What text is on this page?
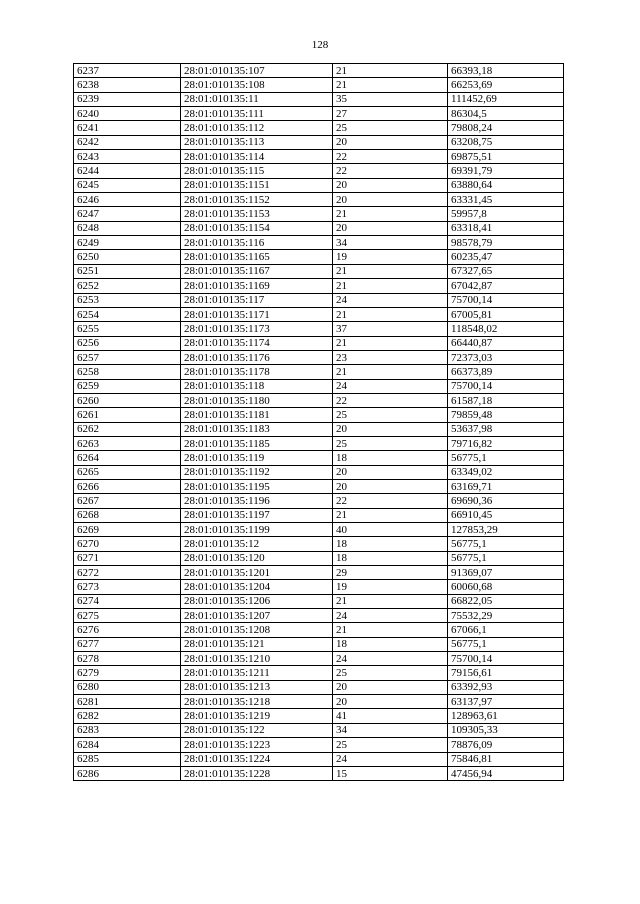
128
6237	28:01:010135:107	21	66393,18
6238	28:01:010135:108	21	66253,69
6239	28:01:010135:11	35	111452,69
6240	28:01:010135:111	27	86304,5
6241	28:01:010135:112	25	79808,24
6242	28:01:010135:113	20	63208,75
6243	28:01:010135:114	22	69875,51
6244	28:01:010135:115	22	69391,79
6245	28:01:010135:1151	20	63880,64
6246	28:01:010135:1152	20	63331,45
6247	28:01:010135:1153	21	59957,8
6248	28:01:010135:1154	20	63318,41
6249	28:01:010135:116	34	98578,79
6250	28:01:010135:1165	19	60235,47
6251	28:01:010135:1167	21	67327,65
6252	28:01:010135:1169	21	67042,87
6253	28:01:010135:117	24	75700,14
6254	28:01:010135:1171	21	67005,81
6255	28:01:010135:1173	37	118548,02
6256	28:01:010135:1174	21	66440,87
6257	28:01:010135:1176	23	72373,03
6258	28:01:010135:1178	21	66373,89
6259	28:01:010135:118	24	75700,14
6260	28:01:010135:1180	22	61587,18
6261	28:01:010135:1181	25	79859,48
6262	28:01:010135:1183	20	53637,98
6263	28:01:010135:1185	25	79716,82
6264	28:01:010135:119	18	56775,1
6265	28:01:010135:1192	20	63349,02
6266	28:01:010135:1195	20	63169,71
6267	28:01:010135:1196	22	69690,36
6268	28:01:010135:1197	21	66910,45
6269	28:01:010135:1199	40	127853,29
6270	28:01:010135:12	18	56775,1
6271	28:01:010135:120	18	56775,1
6272	28:01:010135:1201	29	91369,07
6273	28:01:010135:1204	19	60060,68
6274	28:01:010135:1206	21	66822,05
6275	28:01:010135:1207	24	75532,29
6276	28:01:010135:1208	21	67066,1
6277	28:01:010135:121	18	56775,1
6278	28:01:010135:1210	24	75700,14
6279	28:01:010135:1211	25	79156,61
6280	28:01:010135:1213	20	63392,93
6281	28:01:010135:1218	20	63137,97
6282	28:01:010135:1219	41	128963,61
6283	28:01:010135:122	34	109305,33
6284	28:01:010135:1223	25	78876,09
6285	28:01:010135:1224	24	75846,81
6286	28:01:010135:1228	15	47456,94
